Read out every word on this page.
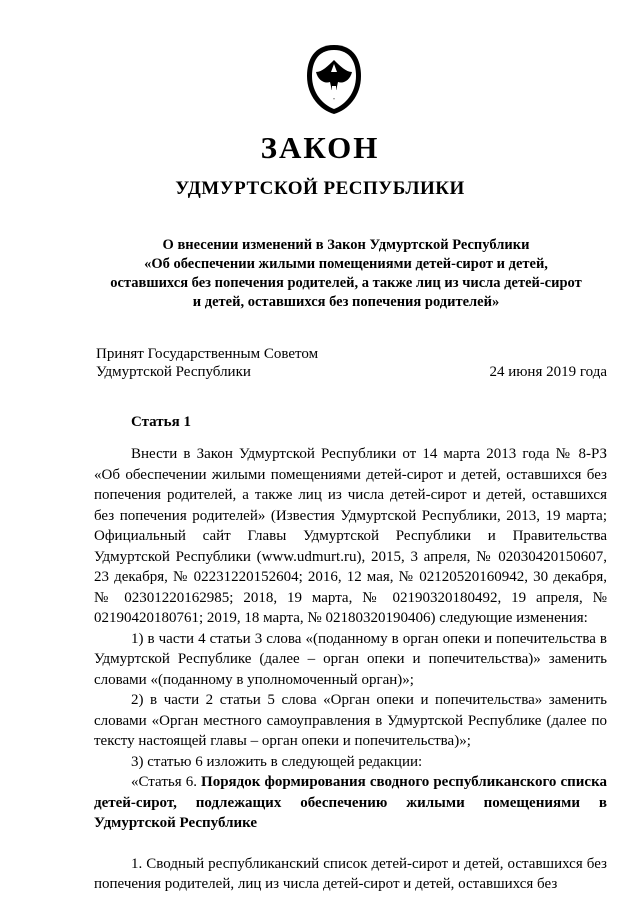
ЗАКОН
УДМУРТСКОЙ РЕСПУБЛИКИ
О внесении изменений в Закон Удмуртской Республики
«Об обеспечении жилыми помещениями детей-сирот и детей,
оставшихся без попечения родителей, а также лиц из числа детей-сирот
и детей, оставшихся без попечения родителей»
Принят Государственным Советом
Удмуртской Республики	24 июня 2019 года
Статья 1

Внести в Закон Удмуртской Республики от 14 марта 2013 года № 8-РЗ «Об обеспечении жилыми помещениями детей-сирот и детей, оставшихся без попечения родителей, а также лиц из числа детей-сирот и детей, оставшихся без попечения родителей» (Известия Удмуртской Республики, 2013, 19 марта; Официальный сайт Главы Удмуртской Республики и Правительства Удмуртской Республики (www.udmurt.ru), 2015, 3 апреля, № 02030420150607, 23 декабря, № 02231220152604; 2016, 12 мая, № 02120520160942, 30 декабря, № 02301220162985; 2018, 19 марта, № 02190320180492, 19 апреля, № 02190420180761; 2019, 18 марта, № 02180320190406) следующие изменения:

1) в части 4 статьи 3 слова «(поданному в орган опеки и попечительства в Удмуртской Республике (далее – орган опеки и попечительства)» заменить словами «(поданному в уполномоченный орган)»;

2) в части 2 статьи 5 слова «Орган опеки и попечительства» заменить словами «Орган местного самоуправления в Удмуртской Республике (далее по тексту настоящей главы – орган опеки и попечительства)»;

3) статью 6 изложить в следующей редакции:

«Статья 6. Порядок формирования сводного республиканского списка детей-сирот, подлежащих обеспечению жилыми помещениями в Удмуртской Республике

1. Сводный республиканский список детей-сирот и детей, оставшихся без попечения родителей, лиц из числа детей-сирот и детей, оставшихся без
